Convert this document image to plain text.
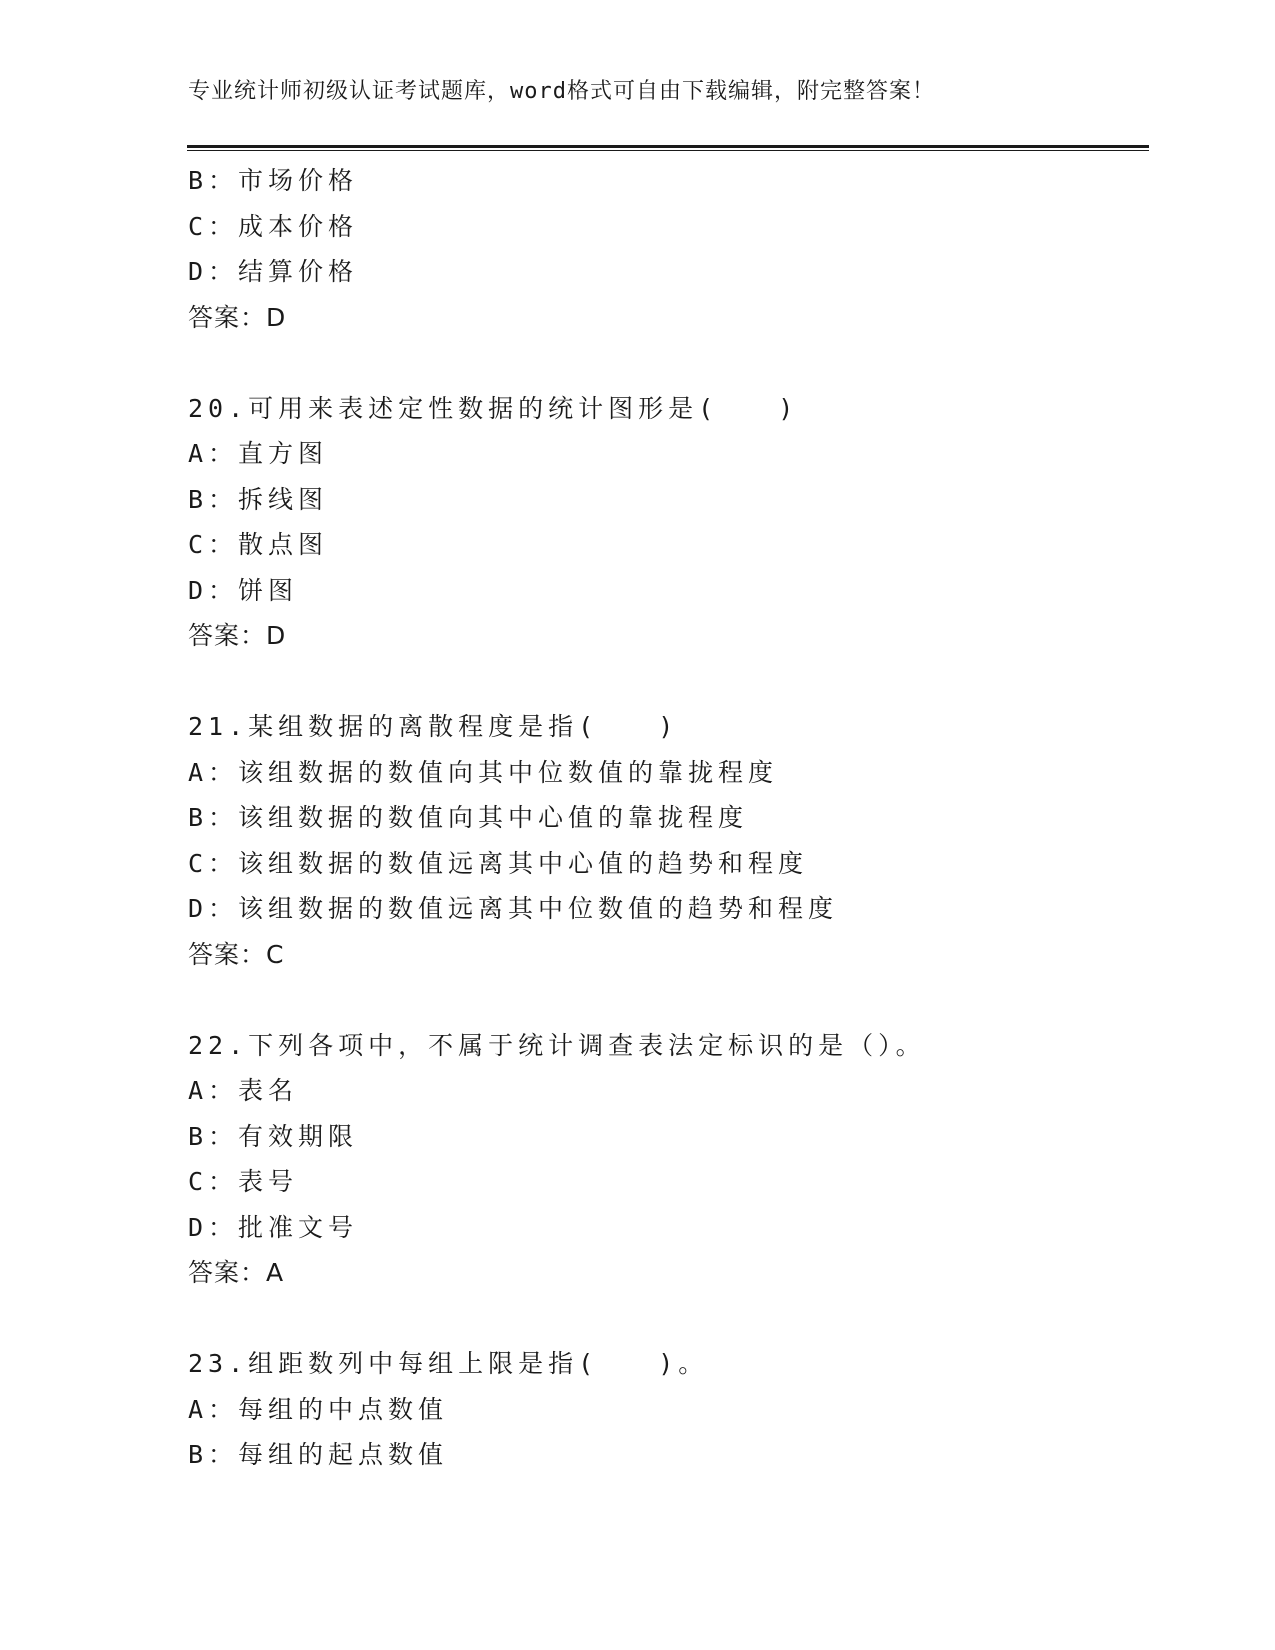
专业统计师初级认证考试题库，word格式可自由下载编辑，附完整答案！
B：市场价格
C：成本价格
D：结算价格
答案：D
20.可用来表述定性数据的统计图形是(　　)
A：直方图
B：拆线图
C：散点图
D：饼图
答案：D
21.某组数据的离散程度是指(　　)
A：该组数据的数值向其中位数值的靠拢程度
B：该组数据的数值向其中心值的靠拢程度
C：该组数据的数值远离其中心值的趋势和程度
D：该组数据的数值远离其中位数值的趋势和程度
答案：C
22.下列各项中，不属于统计调查表法定标识的是（）。
A：表名
B：有效期限
C：表号
D：批准文号
答案：A
23.组距数列中每组上限是指(　　)。
A：每组的中点数值
B：每组的起点数值
